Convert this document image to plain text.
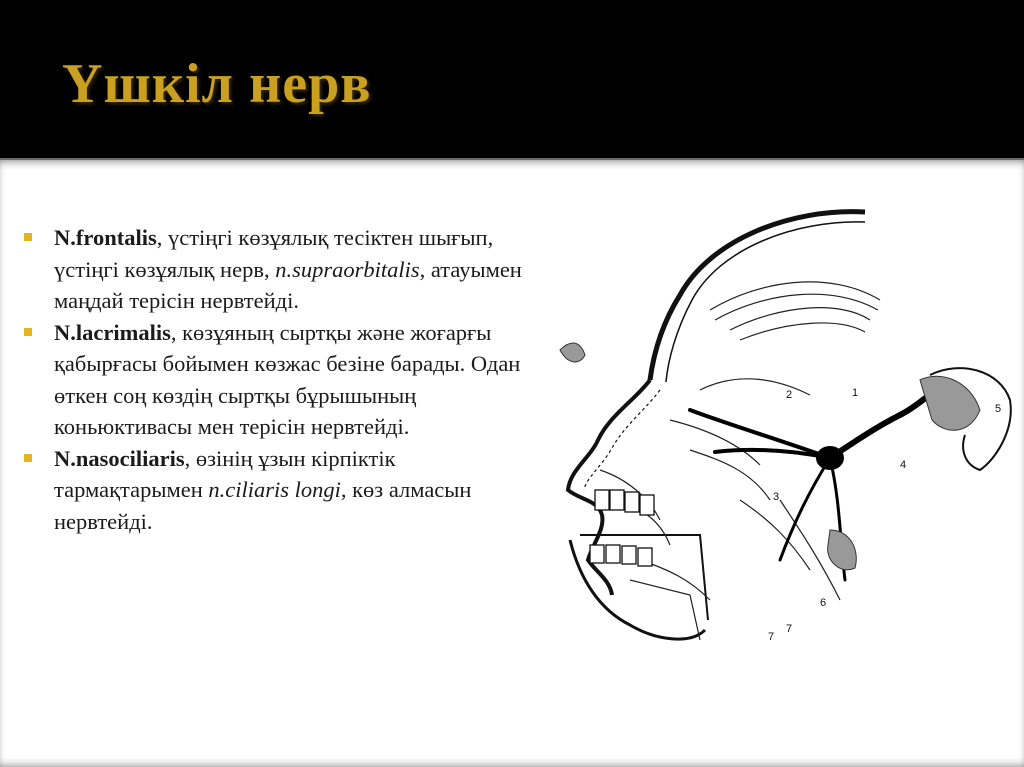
Үшкіл нерв
N.frontalis, үстіңгі көзұялық тесіктен шығып, үстіңгі көзұялық нерв, n.supraorbitalis, атауымен маңдай терісін нервтейді.
N.lacrimalis, көзұяның сыртқы және жоғарғы қабырғасы бойымен көзжас безіне барады. Одан өткен соң көздің сыртқы бұрышының коньюктивасы мен терісін нервтейді.
N.nasociliaris, өзінің ұзын кірпіктік тармақтарымен n.ciliaris longi, көз алмасын нервтейді.
1
2
3
4
5
6
7
7
